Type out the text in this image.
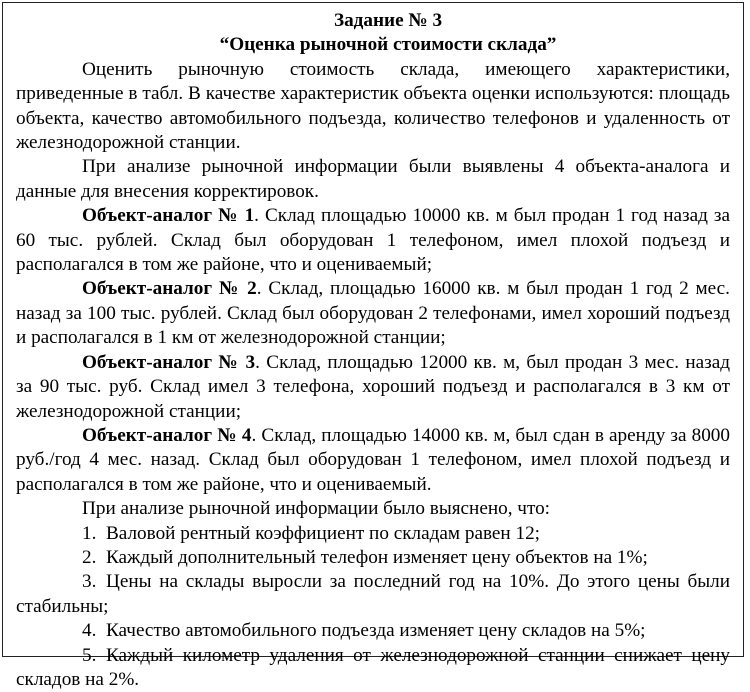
Задание № 3

“Оценка рыночной стоимости склада”

Оценить рыночную стоимость склада, имеющего характеристики, приведенные в табл. В качестве характеристик объекта оценки используются: площадь объекта, качество автомобильного подъезда, количество телефонов и удаленность от железнодорожной станции.

При анализе рыночной информации были выявлены 4 объекта-аналога и данные для внесения корректировок.

Объект-аналог № 1. Склад площадью 10000 кв. м был продан 1 год назад за 60 тыс. рублей. Склад был оборудован 1 телефоном, имел плохой подъезд и располагался в том же районе, что и оцениваемый;

Объект-аналог № 2. Склад, площадью 16000 кв. м был продан 1 год 2 мес. назад за 100 тыс. рублей. Склад был оборудован 2 телефонами, имел хороший подъезд и располагался в 1 км от железнодорожной станции;

Объект-аналог № 3. Склад, площадью 12000 кв. м, был продан 3 мес. назад за 90 тыс. руб. Склад имел 3 телефона, хороший подъезд и располагался в 3 км от железнодорожной станции;

Объект-аналог № 4. Склад, площадью 14000 кв. м, был сдан в аренду за 8000 руб./год 4 мес. назад. Склад был оборудован 1 телефоном, имел плохой подъезд и располагался в том же районе, что и оцениваемый.

При анализе рыночной информации было выяснено, что:

1. Валовой рентный коэффициент по складам равен 12;

2. Каждый дополнительный телефон изменяет цену объектов на 1%;

3. Цены на склады выросли за последний год на 10%. До этого цены были стабильны;

4. Качество автомобильного подъезда изменяет цену складов на 5%;

5. Каждый километр удаления от железнодорожной станции снижает цену складов на 2%.
